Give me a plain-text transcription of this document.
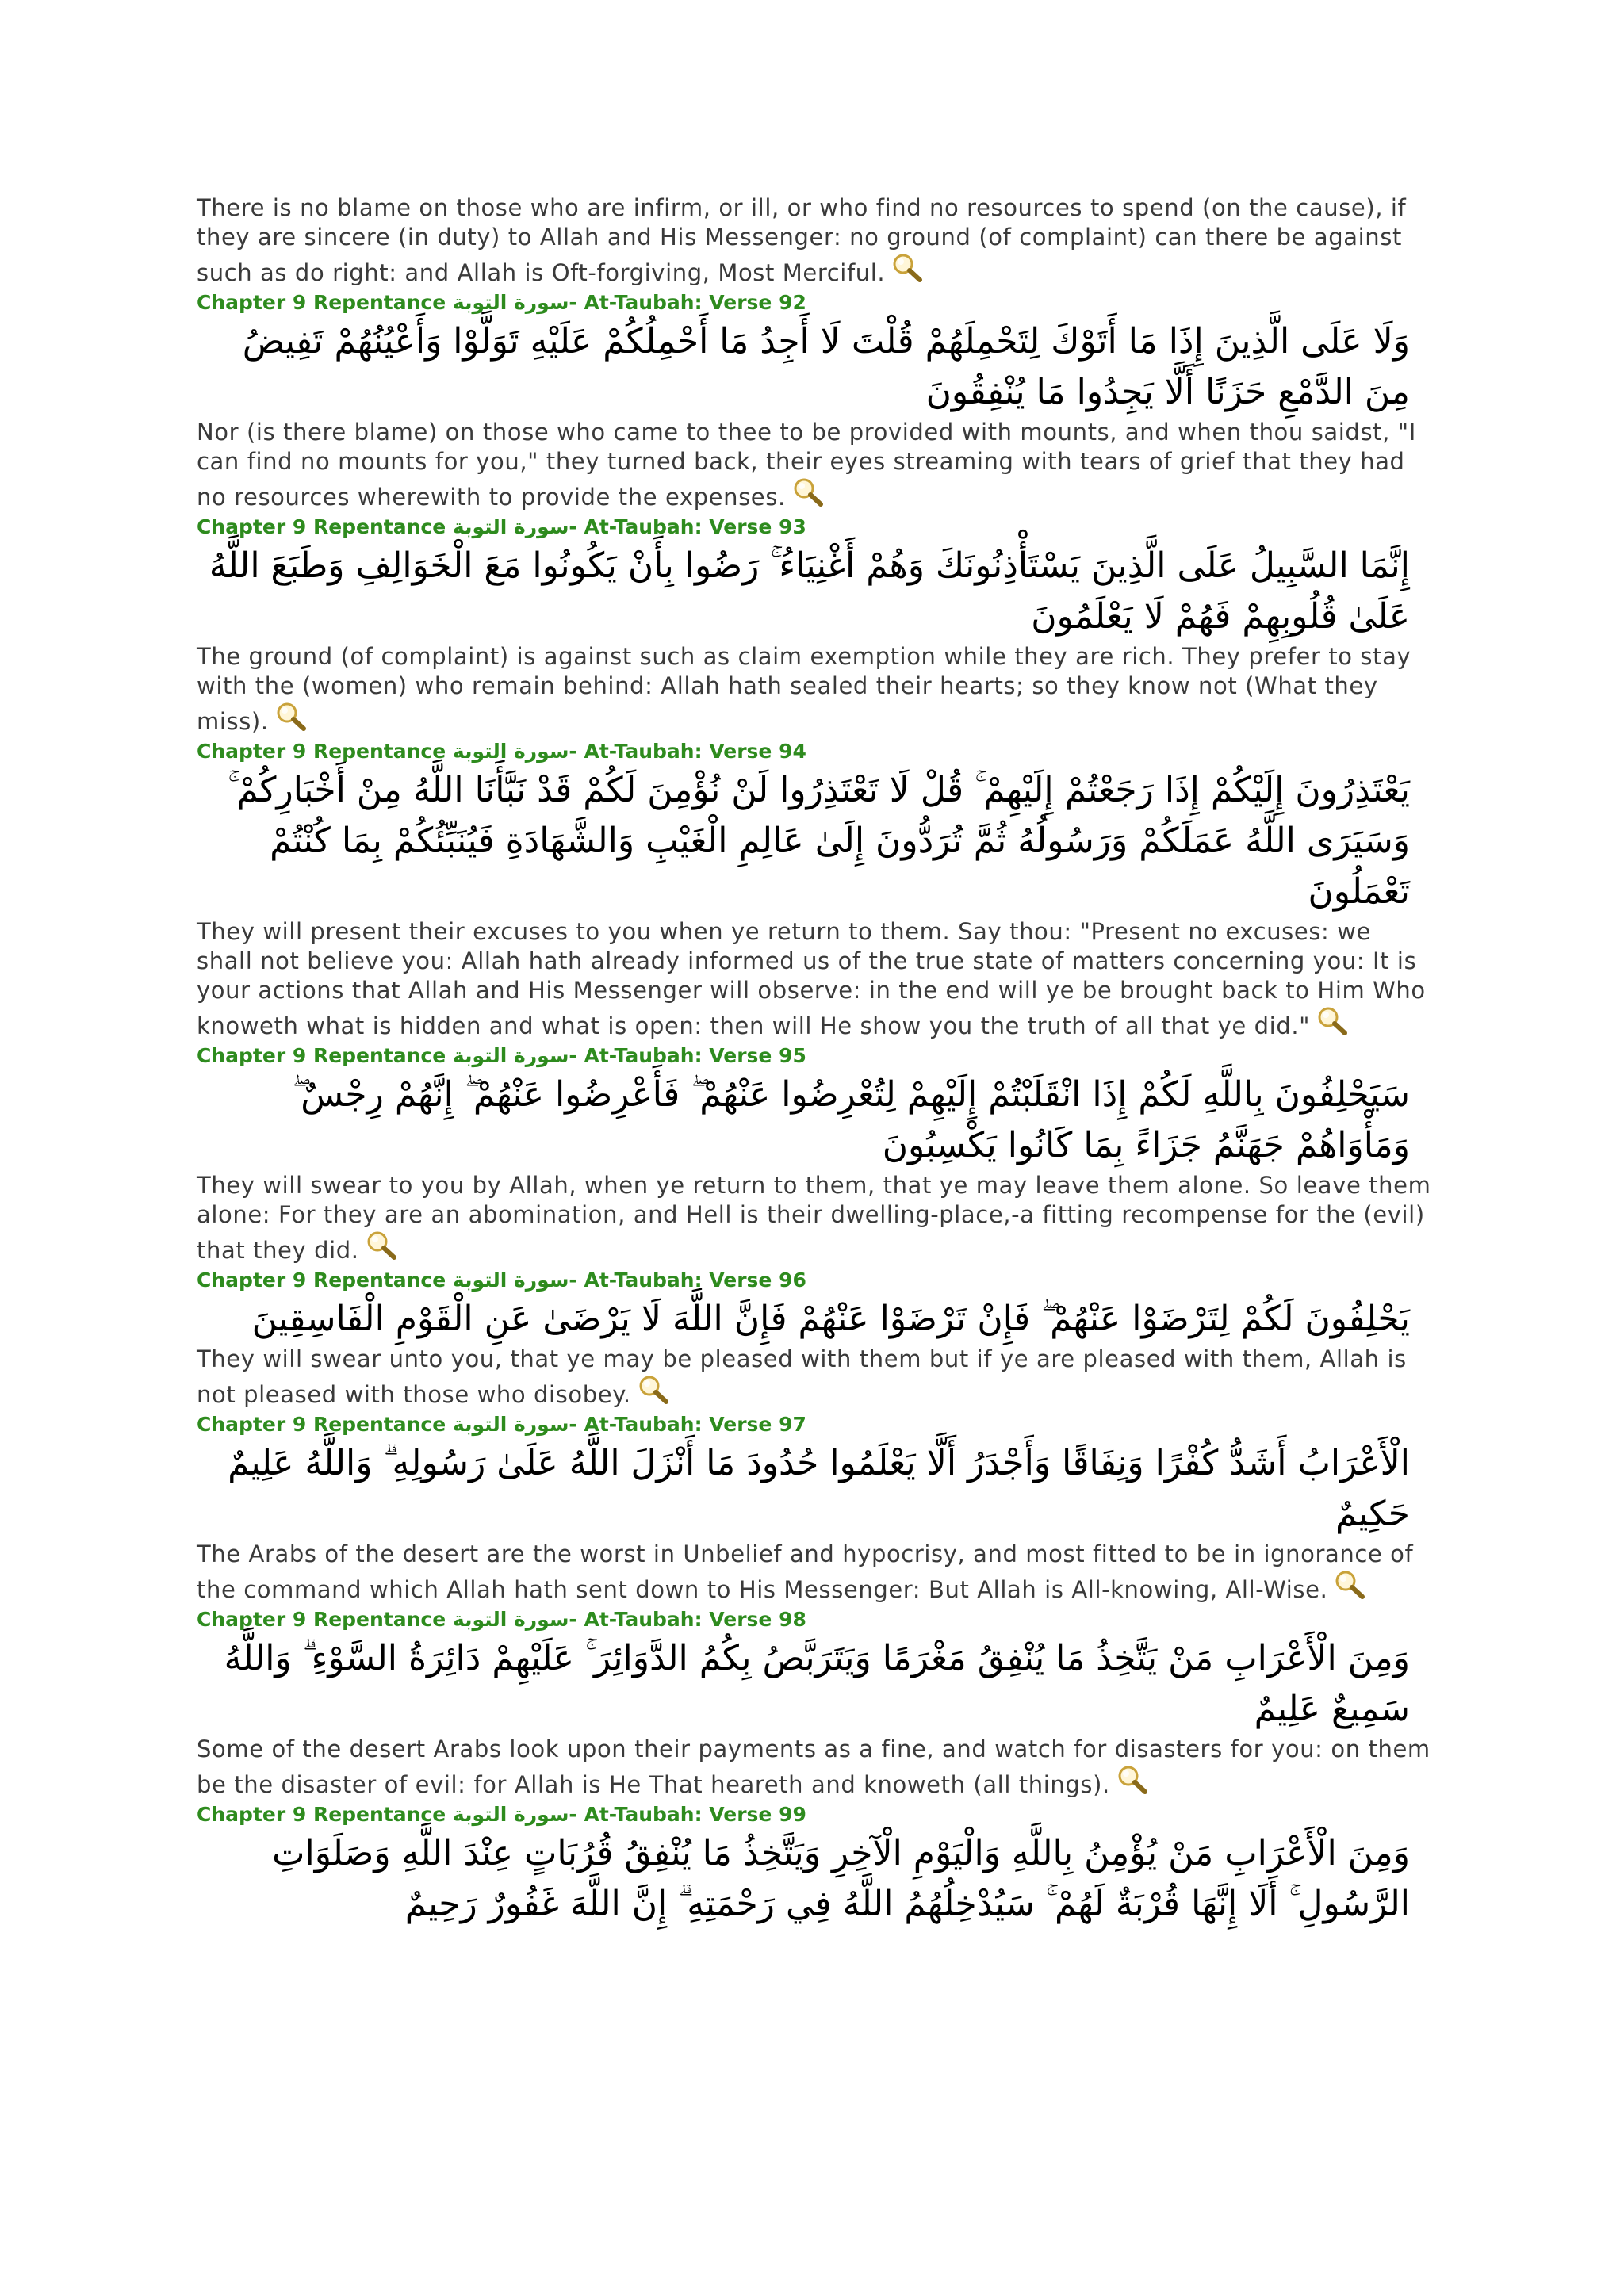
There is no blame on those who are infirm, or ill, or who find no resources to spend (on the cause), if they are sincere (in duty) to Allah and His Messenger: no ground (of complaint) can there be against such as do right: and Allah is Oft-forgiving, Most Merciful.

Chapter 9 Repentance سورة التوبة- At-Taubah: Verse 92

وَلَا عَلَى الَّذِينَ إِذَا مَا أَتَوْكَ لِتَحْمِلَهُمْ قُلْتَ لَا أَجِدُ مَا أَحْمِلُكُمْ عَلَيْهِ تَوَلَّوْا وَأَعْيُنُهُمْ تَفِيضُ مِنَ الدَّمْعِ حَزَنًا أَلَّا يَجِدُوا مَا يُنْفِقُونَ

Nor (is there blame) on those who came to thee to be provided with mounts, and when thou saidst, "I can find no mounts for you," they turned back, their eyes streaming with tears of grief that they had no resources wherewith to provide the expenses.

Chapter 9 Repentance سورة التوبة- At-Taubah: Verse 93

إِنَّمَا السَّبِيلُ عَلَى الَّذِينَ يَسْتَأْذِنُونَكَ وَهُمْ أَغْنِيَاءُ ۚ رَضُوا بِأَنْ يَكُونُوا مَعَ الْخَوَالِفِ وَطَبَعَ اللَّهُ عَلَىٰ قُلُوبِهِمْ فَهُمْ لَا يَعْلَمُونَ

The ground (of complaint) is against such as claim exemption while they are rich. They prefer to stay with the (women) who remain behind: Allah hath sealed their hearts; so they know not (What they miss).

Chapter 9 Repentance سورة التوبة- At-Taubah: Verse 94

يَعْتَذِرُونَ إِلَيْكُمْ إِذَا رَجَعْتُمْ إِلَيْهِمْ ۚ قُلْ لَا تَعْتَذِرُوا لَنْ نُؤْمِنَ لَكُمْ قَدْ نَبَّأَنَا اللَّهُ مِنْ أَخْبَارِكُمْ ۚ وَسَيَرَى اللَّهُ عَمَلَكُمْ وَرَسُولُهُ ثُمَّ تُرَدُّونَ إِلَىٰ عَالِمِ الْغَيْبِ وَالشَّهَادَةِ فَيُنَبِّئُكُمْ بِمَا كُنْتُمْ تَعْمَلُونَ

They will present their excuses to you when ye return to them. Say thou: "Present no excuses: we shall not believe you: Allah hath already informed us of the true state of matters concerning you: It is your actions that Allah and His Messenger will observe: in the end will ye be brought back to Him Who knoweth what is hidden and what is open: then will He show you the truth of all that ye did."

Chapter 9 Repentance سورة التوبة- At-Taubah: Verse 95

سَيَحْلِفُونَ بِاللَّهِ لَكُمْ إِذَا انْقَلَبْتُمْ إِلَيْهِمْ لِتُعْرِضُوا عَنْهُمْ ۖ فَأَعْرِضُوا عَنْهُمْ ۖ إِنَّهُمْ رِجْسٌ ۖ وَمَأْوَاهُمْ جَهَنَّمُ جَزَاءً بِمَا كَانُوا يَكْسِبُونَ

They will swear to you by Allah, when ye return to them, that ye may leave them alone. So leave them alone: For they are an abomination, and Hell is their dwelling-place,-a fitting recompense for the (evil) that they did.

Chapter 9 Repentance سورة التوبة- At-Taubah: Verse 96

يَحْلِفُونَ لَكُمْ لِتَرْضَوْا عَنْهُمْ ۖ فَإِنْ تَرْضَوْا عَنْهُمْ فَإِنَّ اللَّهَ لَا يَرْضَىٰ عَنِ الْقَوْمِ الْفَاسِقِينَ

They will swear unto you, that ye may be pleased with them but if ye are pleased with them, Allah is not pleased with those who disobey.

Chapter 9 Repentance سورة التوبة- At-Taubah: Verse 97

الْأَعْرَابُ أَشَدُّ كُفْرًا وَنِفَاقًا وَأَجْدَرُ أَلَّا يَعْلَمُوا حُدُودَ مَا أَنْزَلَ اللَّهُ عَلَىٰ رَسُولِهِ ۗ وَاللَّهُ عَلِيمٌ حَكِيمٌ

The Arabs of the desert are the worst in Unbelief and hypocrisy, and most fitted to be in ignorance of the command which Allah hath sent down to His Messenger: But Allah is All-knowing, All-Wise.

Chapter 9 Repentance سورة التوبة- At-Taubah: Verse 98

وَمِنَ الْأَعْرَابِ مَنْ يَتَّخِذُ مَا يُنْفِقُ مَغْرَمًا وَيَتَرَبَّصُ بِكُمُ الدَّوَائِرَ ۚ عَلَيْهِمْ دَائِرَةُ السَّوْءِ ۗ وَاللَّهُ سَمِيعٌ عَلِيمٌ

Some of the desert Arabs look upon their payments as a fine, and watch for disasters for you: on them be the disaster of evil: for Allah is He That heareth and knoweth (all things).

Chapter 9 Repentance سورة التوبة- At-Taubah: Verse 99

وَمِنَ الْأَعْرَابِ مَنْ يُؤْمِنُ بِاللَّهِ وَالْيَوْمِ الْآخِرِ وَيَتَّخِذُ مَا يُنْفِقُ قُرُبَاتٍ عِنْدَ اللَّهِ وَصَلَوَاتِ الرَّسُولِ ۚ أَلَا إِنَّهَا قُرْبَةٌ لَهُمْ ۚ سَيُدْخِلُهُمُ اللَّهُ فِي رَحْمَتِهِ ۗ إِنَّ اللَّهَ غَفُورٌ رَحِيمٌ
